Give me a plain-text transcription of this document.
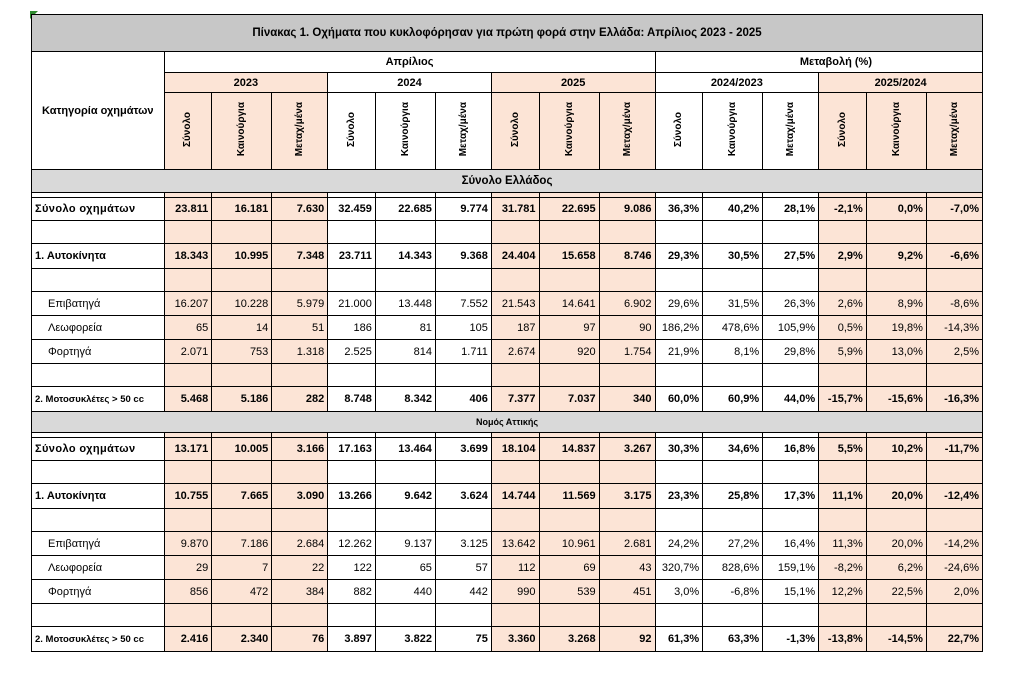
Πίνακας 1. Οχήματα που κυκλοφόρησαν για πρώτη φορά στην Ελλάδα: Απρίλιος 2023 - 2025															
Κατηγορία οχημάτων	Απρίλιος									Μεταβολή (%)					
	2023			2024			2025			2024/2023			2025/2024		
	Σύνολο	Καινούργια	Μεταχ/μένα	Σύνολο	Καινούργια	Μεταχ/μένα	Σύνολο	Καινούργια	Μεταχ/μένα	Σύνολο	Καινούργια	Μεταχ/μένα	Σύνολο	Καινούργια	Μεταχ/μένα
Σύνολο Ελλάδος															

Σύνολο οχημάτων	23.811	16.181	7.630	32.459	22.685	9.774	31.781	22.695	9.086	36,3%	40,2%	28,1%	-2,1%	0,0%	-7,0%

1. Αυτοκίνητα	18.343	10.995	7.348	23.711	14.343	9.368	24.404	15.658	8.746	29,3%	30,5%	27,5%	2,9%	9,2%	-6,6%

Επιβατηγά	16.207	10.228	5.979	21.000	13.448	7.552	21.543	14.641	6.902	29,6%	31,5%	26,3%	2,6%	8,9%	-8,6%
Λεωφορεία	65	14	51	186	81	105	187	97	90	186,2%	478,6%	105,9%	0,5%	19,8%	-14,3%
Φορτηγά	2.071	753	1.318	2.525	814	1.711	2.674	920	1.754	21,9%	8,1%	29,8%	5,9%	13,0%	2,5%

2. Μοτοσυκλέτες > 50 cc	5.468	5.186	282	8.748	8.342	406	7.377	7.037	340	60,0%	60,9%	44,0%	-15,7%	-15,6%	-16,3%
Νομός Αττικής															

Σύνολο οχημάτων	13.171	10.005	3.166	17.163	13.464	3.699	18.104	14.837	3.267	30,3%	34,6%	16,8%	5,5%	10,2%	-11,7%

1. Αυτοκίνητα	10.755	7.665	3.090	13.266	9.642	3.624	14.744	11.569	3.175	23,3%	25,8%	17,3%	11,1%	20,0%	-12,4%

Επιβατηγά	9.870	7.186	2.684	12.262	9.137	3.125	13.642	10.961	2.681	24,2%	27,2%	16,4%	11,3%	20,0%	-14,2%
Λεωφορεία	29	7	22	122	65	57	112	69	43	320,7%	828,6%	159,1%	-8,2%	6,2%	-24,6%
Φορτηγά	856	472	384	882	440	442	990	539	451	3,0%	-6,8%	15,1%	12,2%	22,5%	2,0%

2. Μοτοσυκλέτες > 50 cc	2.416	2.340	76	3.897	3.822	75	3.360	3.268	92	61,3%	63,3%	-1,3%	-13,8%	-14,5%	22,7%
